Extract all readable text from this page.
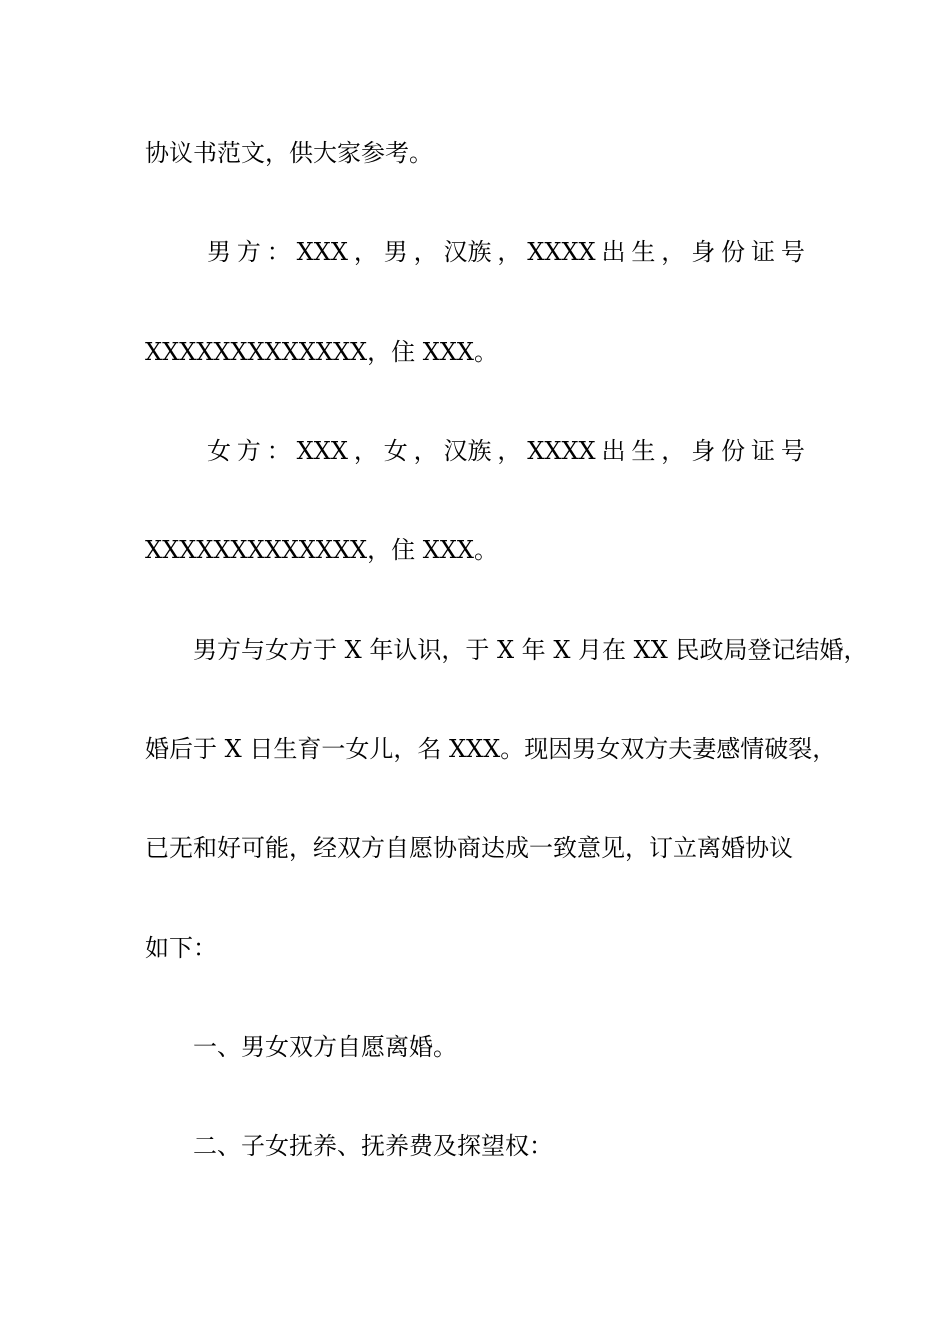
协议书范文，供大家参考。
男 方 ： XXX ， 男 ， 汉族 ， XXXX 出 生 ， 身 份 证 号
XXXXXXXXXXXXX，住 XXX。
女 方 ： XXX ， 女 ， 汉族 ， XXXX 出 生 ， 身 份 证 号
XXXXXXXXXXXXX，住 XXX。
男方与女方于 X 年认识，于 X 年 X 月在 XX 民政局登记结婚，
婚后于 X 日生育一女儿，名 XXX。现因男女双方夫妻感情破裂，
已无和好可能，经双方自愿协商达成一致意见，订立离婚协议
如下：
一、男女双方自愿离婚。
二、子女抚养、抚养费及探望权：
